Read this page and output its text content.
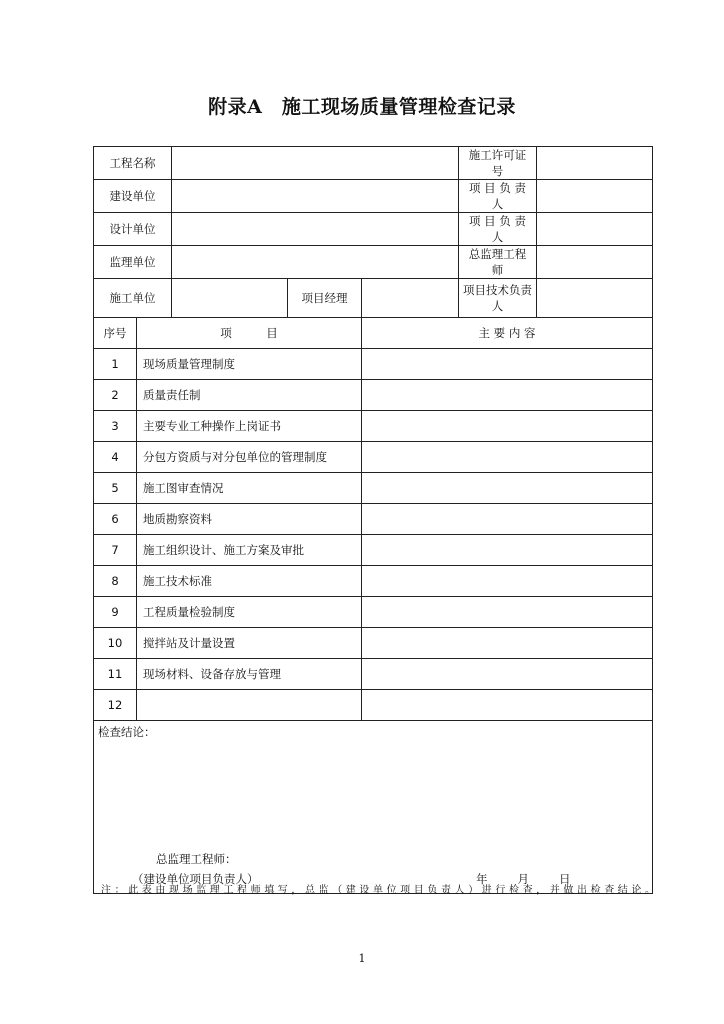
附录A　施工现场质量管理检查记录
工程名称					施工许可证号	
建设单位					项 目 负 责 人	
设计单位					项 目 负 责 人	
监理单位					总监理工程师	
施工单位			项目经理		项目技术负责人	
序号	项　　　目			主 要 内 容		
1	现场质量管理制度					
2	质量责任制					
3	主要专业工种操作上岗证书					
4	分包方资质与对分包单位的管理制度					
5	施工图审查情况					
6	地质勘察资料					
7	施工组织设计、施工方案及审批					
8	施工技术标准					
9	工程质量检验制度					
10	搅拌站及计量设置					
11	现场材料、设备存放与管理					
12						

检查结论：
总监理工程师：
（建设单位项目负责人） 年 月 日						
注：此表由现场监理工程师填写，总监（建设单位项目负责人）进行检查，并做出检查结论。
1
